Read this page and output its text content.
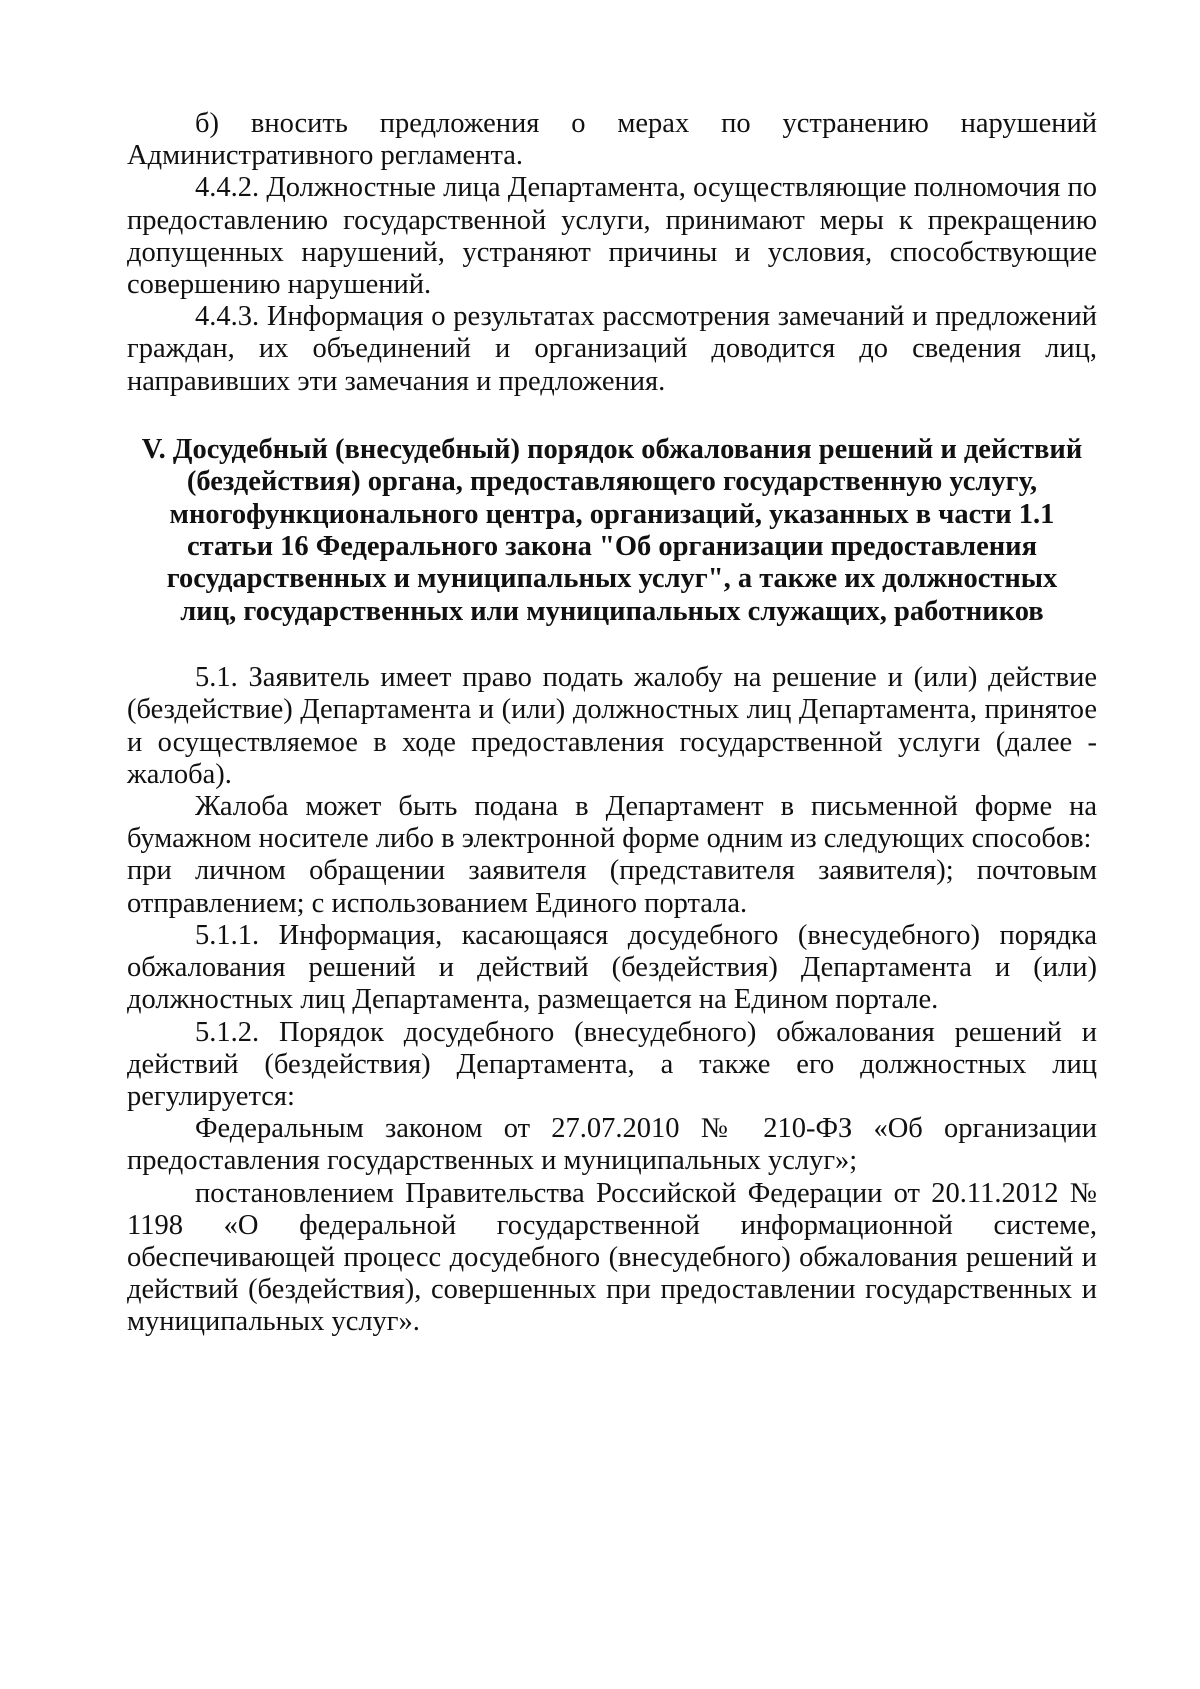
б) вносить предложения о мерах по устранению нарушений Административного регламента.

4.4.2. Должностные лица Департамента, осуществляющие полномочия по предоставлению государственной услуги, принимают меры к прекращению допущенных нарушений, устраняют причины и условия, способствующие совершению нарушений.

4.4.3. Информация о результатах рассмотрения замечаний и предложений граждан, их объединений и организаций доводится до сведения лиц, направивших эти замечания и предложения.

V. Досудебный (внесудебный) порядок обжалования решений и действий
(бездействия) органа, предоставляющего государственную услугу,
многофункционального центра, организаций, указанных в части 1.1
статьи 16 Федерального закона "Об организации предоставления
государственных и муниципальных услуг", а также их должностных
лиц, государственных или муниципальных служащих, работников

5.1. Заявитель имеет право подать жалобу на решение и (или) действие (бездействие) Департамента и (или) должностных лиц Департамента, принятое и осуществляемое в ходе предоставления государственной услуги (далее - жалоба).

Жалоба может быть подана в Департамент в письменной форме на бумажном носителе либо в электронной форме одним из следующих способов:

при личном обращении заявителя (представителя заявителя); почтовым отправлением; с использованием Единого портала.

5.1.1. Информация, касающаяся досудебного (внесудебного) порядка обжалования решений и действий (бездействия) Департамента и (или) должностных лиц Департамента, размещается на Едином портале.

5.1.2. Порядок досудебного (внесудебного) обжалования решений и действий (бездействия) Департамента, а также его должностных лиц регулируется:

Федеральным законом от 27.07.2010 № 210-ФЗ «Об организации предоставления государственных и муниципальных услуг»;

постановлением Правительства Российской Федерации от 20.11.2012 № 1198 «О федеральной государственной информационной системе, обеспечивающей процесс досудебного (внесудебного) обжалования решений и действий (бездействия), совершенных при предоставлении государственных и муниципальных услуг».
